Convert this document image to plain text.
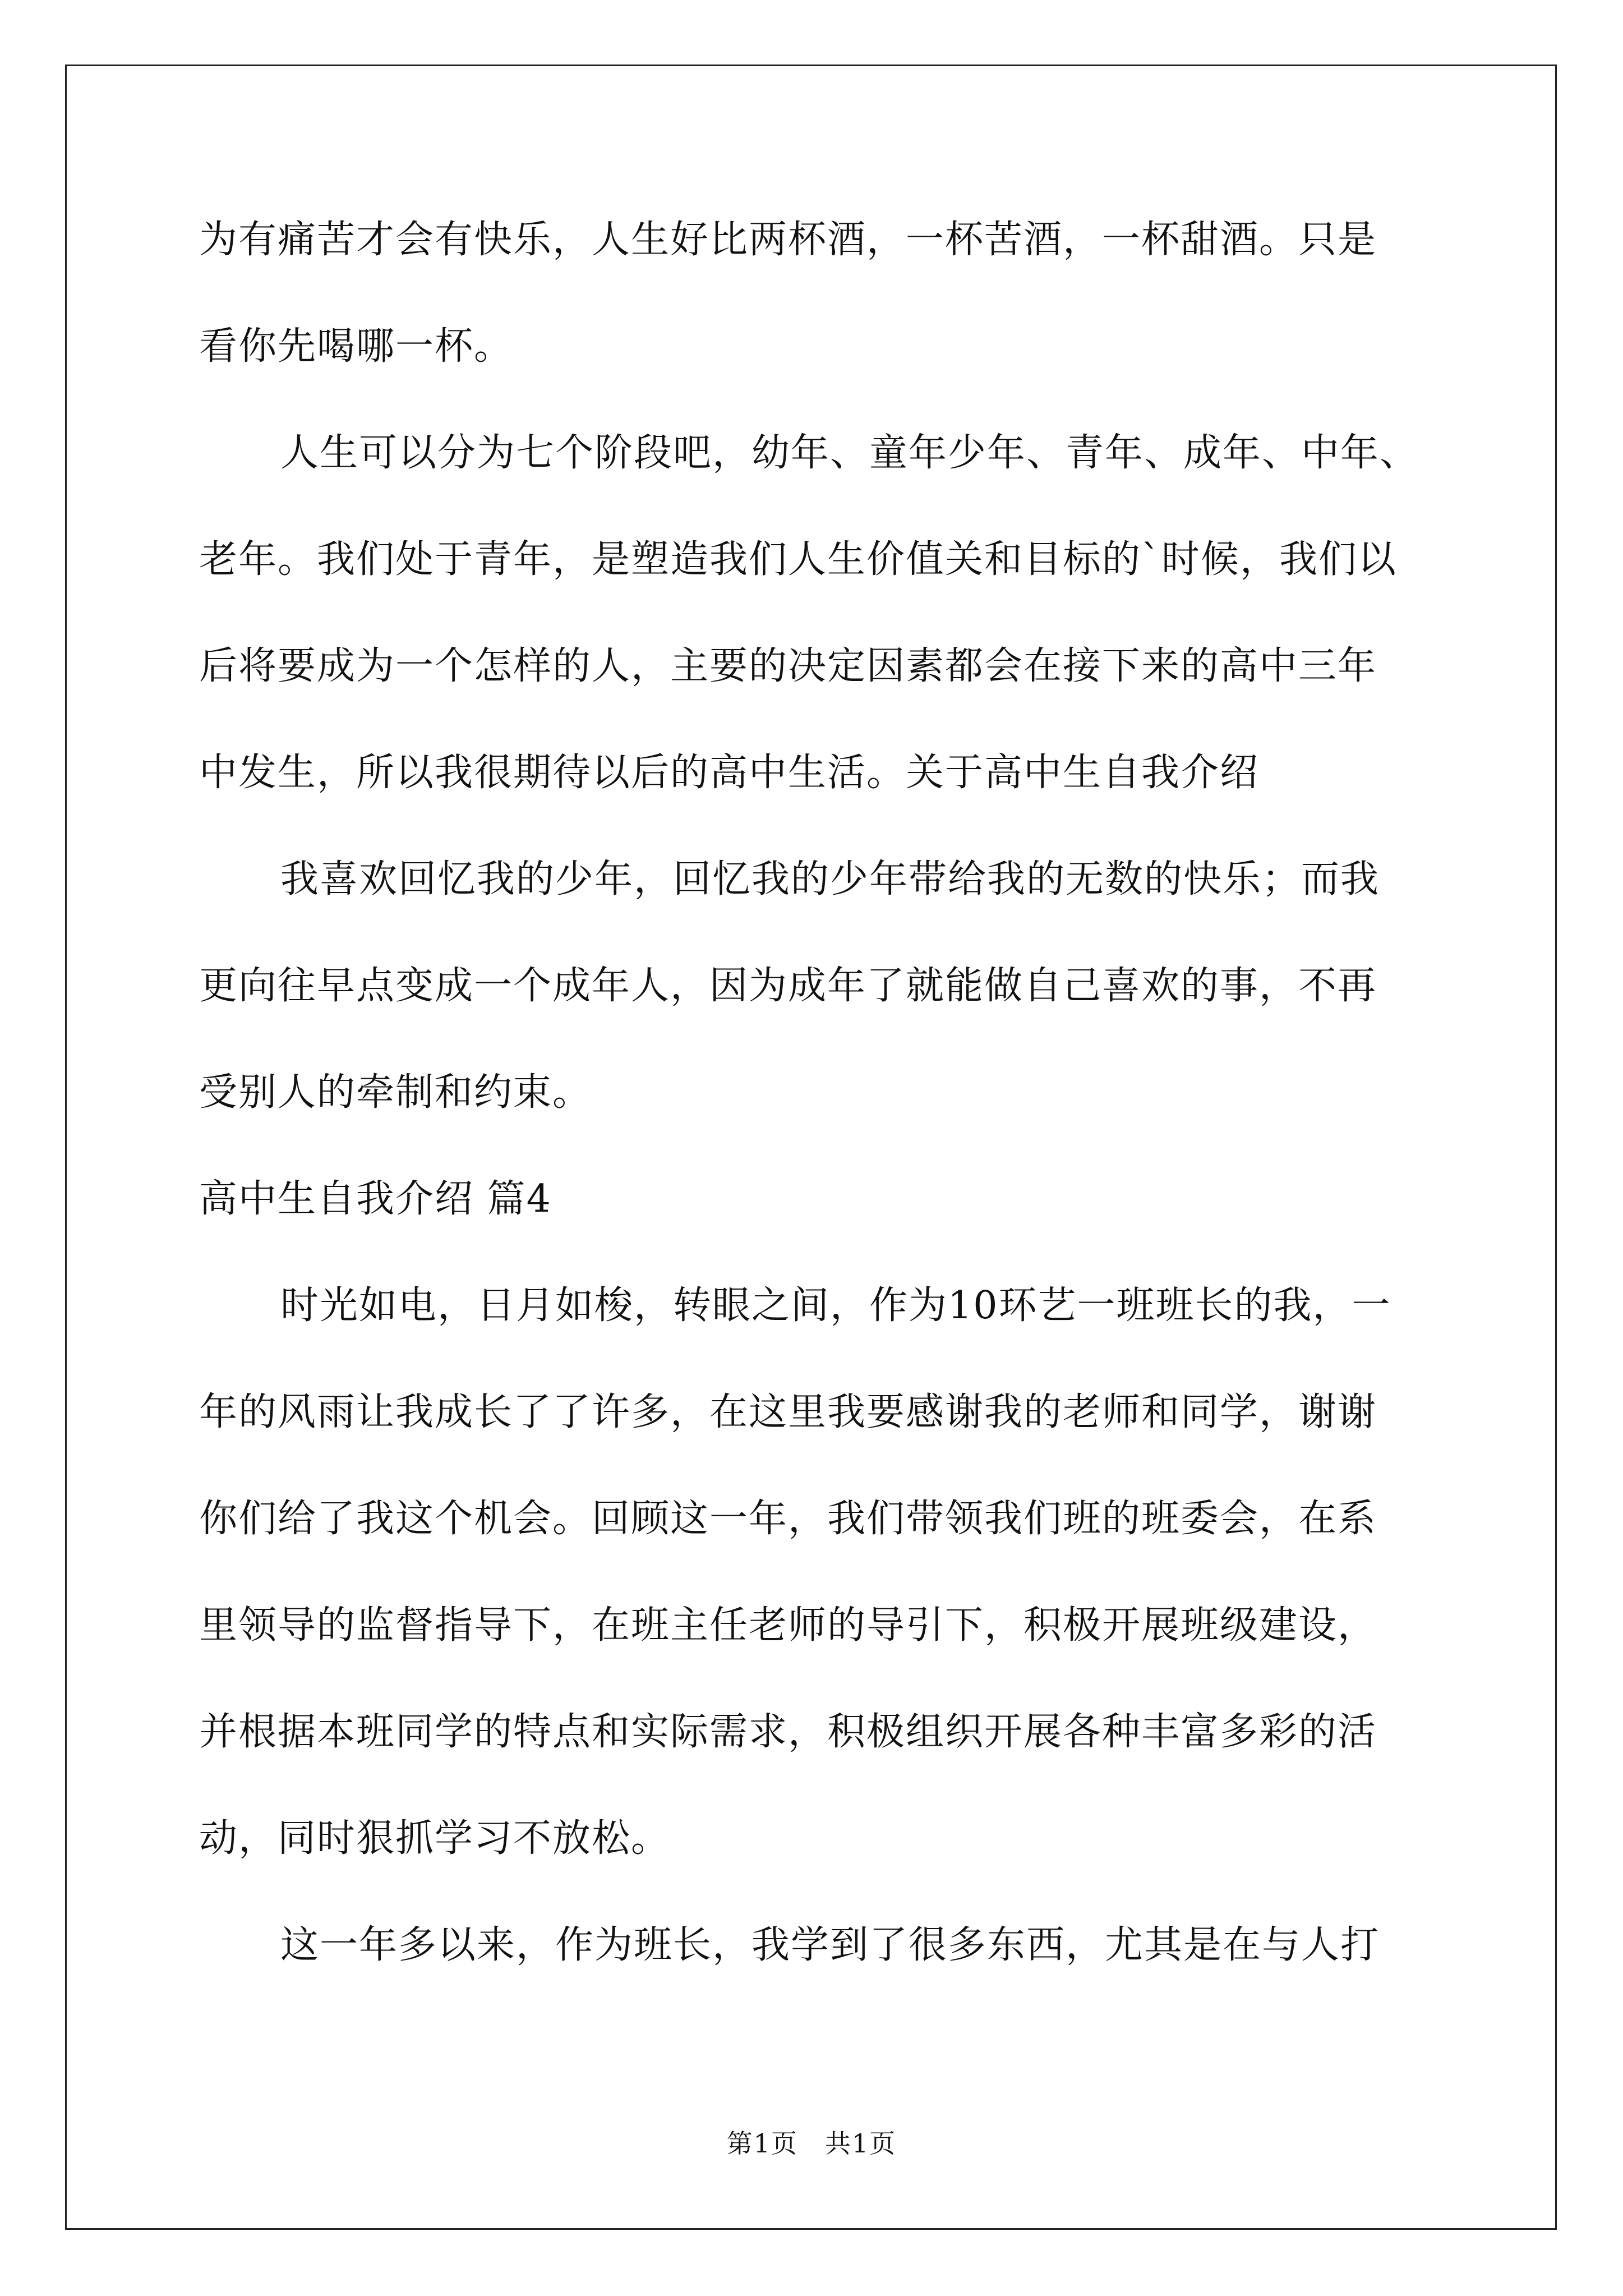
为有痛苦才会有快乐，人生好比两杯酒，一杯苦酒，一杯甜酒。只是
看你先喝哪一杯。
人生可以分为七个阶段吧，幼年、童年少年、青年、成年、中年、
老年。我们处于青年，是塑造我们人生价值关和目标的`时候，我们以
后将要成为一个怎样的人，主要的决定因素都会在接下来的高中三年
中发生，所以我很期待以后的高中生活。关于高中生自我介绍
我喜欢回忆我的少年，回忆我的少年带给我的无数的快乐；而我
更向往早点变成一个成年人，因为成年了就能做自己喜欢的事，不再
受别人的牵制和约束。
高中生自我介绍 篇4
时光如电，日月如梭，转眼之间，作为10环艺一班班长的我，一
年的风雨让我成长了了许多，在这里我要感谢我的老师和同学，谢谢
你们给了我这个机会。回顾这一年，我们带领我们班的班委会，在系
里领导的监督指导下，在班主任老师的导引下，积极开展班级建设，
并根据本班同学的特点和实际需求，积极组织开展各种丰富多彩的活
动，同时狠抓学习不放松。
这一年多以来，作为班长，我学到了很多东西，尤其是在与人打
第1页 共1页
